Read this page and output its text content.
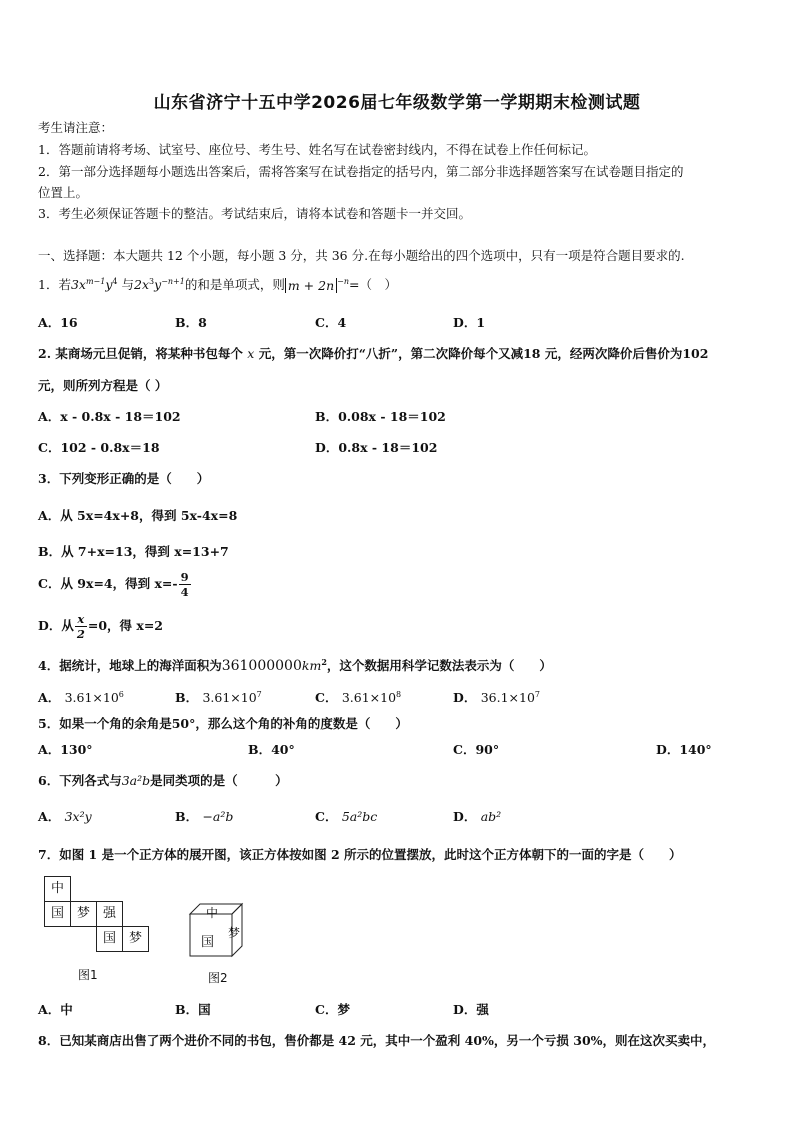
山东省济宁十五中学2026届七年级数学第一学期期末检测试题
考生请注意：
1．答题前请将考场、试室号、座位号、考生号、姓名写在试卷密封线内，不得在试卷上作任何标记。
2．第一部分选择题每小题选出答案后，需将答案写在试卷指定的括号内，第二部分非选择题答案写在试卷题目指定的
位置上。
3．考生必须保证答题卡的整洁。考试结束后，请将本试卷和答题卡一并交回。
一、选择题：本大题共 12 个小题，每小题 3 分，共 36 分.在每小题给出的四个选项中，只有一项是符合题目要求的.
1．若$3x^{m-1}y^4$ 与$2x^3y^{-n+1}$的和是单项式，则 m + 2n $^{-n}$=（　）
A．16	B．8	C．4	D．1
2. 某商场元旦促销，将某种书包每个 x 元，第一次降价打“八折”，第二次降价每个又减18 元，经两次降价后售价为102
元，则所列方程是（ ）
A．x - 0.8x - 18＝102	B．0.08x - 18＝102
C．102 - 0.8x＝18	D．0.8x - 18＝102
3．下列变形正确的是（　　）
A．从 5x=4x+8，得到 5x-4x=8
B．从 7+x=13，得到 x=13+7
C．从 9x=4，得到 $x=- \frac{9}{4}$
D．从 $\frac{x}{2} =0$，得 x=2
4．据统计，地球上的海洋面积为$361000000km^2$，这个数据用科学记数法表示为（　　）
A． $3.61\times 10^6$	B． $3.61\times 10^7$	C． $3.61\times 10^8$	D． $36.1\times 10^7$
5．如果一个角的余角是50°，那么这个角的补角的度数是（　　）
A．130°	B．40°	C．90°	D．140°
6．下列各式与3a²b是同类项的是（　　　）
A． 3x²y	B． −a²b	C． 5a²bc	D． ab²
7．如图 1 是一个正方体的展开图，该正方体按如图 2 所示的位置摆放，此时这个正方体朝下的一面的字是（　　）
中
国 梦 强
国 梦
图1
中
国
梦
图2
A．中	B．国	C．梦	D．强
8．已知某商店出售了两个进价不同的书包，售价都是 42 元，其中一个盈利 40%，另一个亏损 30%，则在这次买卖中，
